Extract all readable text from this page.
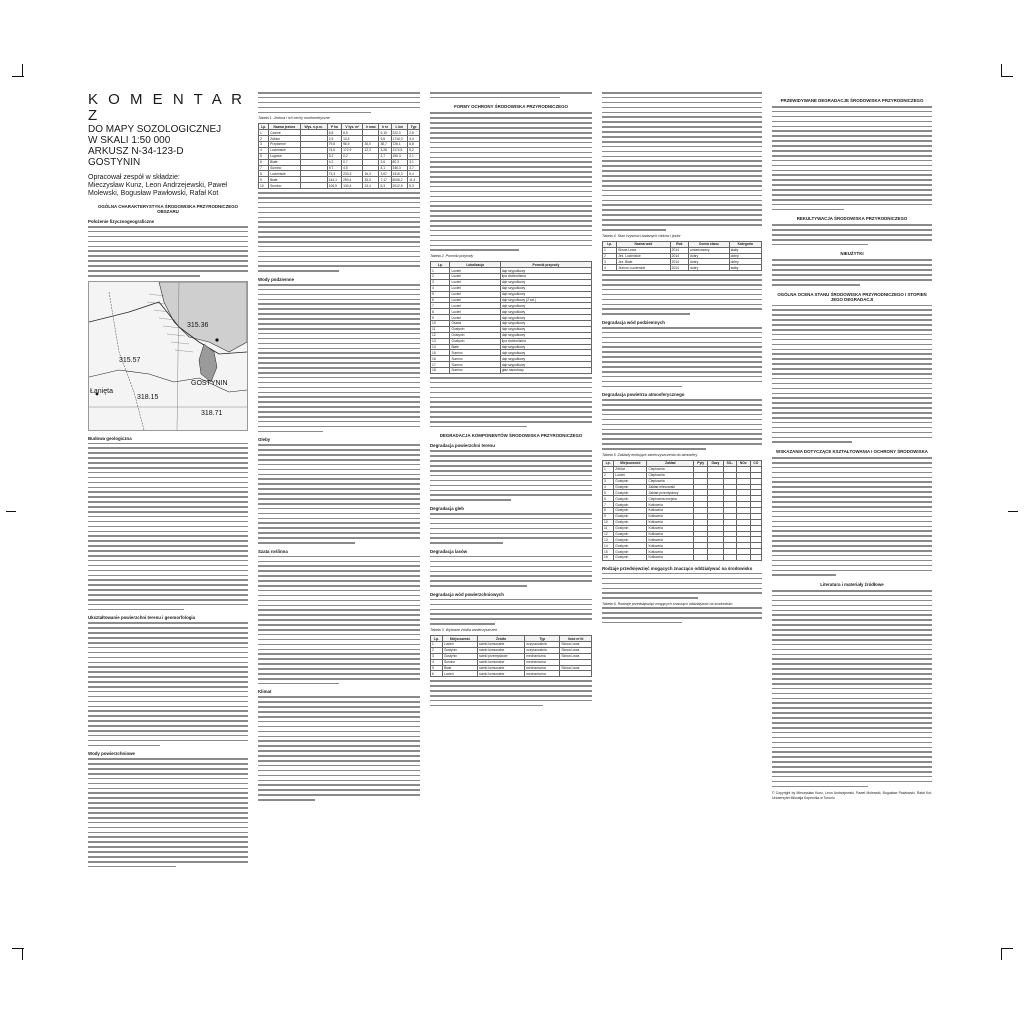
K O M E N T A R Z
DO MAPY SOZOLOGICZNEJ
W SKALI 1:50 000
ARKUSZ N-34-123-D
GOSTYNIN
Opracował zespół w składzie:
Mieczysław Kunz, Leon Andrzejewski, Paweł
Molewski, Bogusław Pawłowski, Rafał Kot
OGÓLNA CHARAKTERYSTYKA ŚRODOWISKA PRZYRODNICZEGO OBSZARU
Położenie fizycznogeograficzne
315.36
315.57
GOSTYNIN
Łanięta
318.15
318.71
Budowa geologiczna
Ukształtowanie powierzchni terenu i geomorfologia
Wody powierzchniowe
Tabela 1. Jeziora i ich cechy morfometryczne
Lp.	Nazwa jeziora	Wys. n.p.m.	P ha	V tys. m³	h max	h śr	L km	Typ
1	Czarne		6,8	6,5		5,15	222,0	2,6
2	Zdbice		2,5	13,5		9,8	1716,3	4,4
3	Przytomne		79,6	96,9	26,0	38,7	726,1	6,8
4	Lucieńskie		74,6	172,9	12,3	3,26	1174,5	6,2
5	Ługowe		3,2	0,2		2,7	150,3	2,1
6	Białe		4,2	0,7		2,6	80,3	3,1
7	Sumino		9,7	4,5		4,1	346,3	3,7
8	Lucieńskie		73,3	233,3	16,3	3,67	1516,3	6,4
9	Białe		144,1	290,4	33,3	7,17	8006,2	11,4
10	Sumino		106,9	130,4	13,4	5,3	2012,5	5,3
Wody podziemne
Gleby
Szata roślinna
Klimat
FORMY OCHRONY ŚRODOWISKA PRZYRODNICZEGO
Tabela 2. Pomniki przyrody
Lp.	Lokalizacja	Pomnik przyrody
1	Lucień	dąb szypułkowy
2	Lucień	lipa drobnolistna
3	Lucień	dąb szypułkowy
4	Lucień	dąb szypułkowy
5	Lucień	dąb szypułkowy
6	Lucień	dąb szypułkowy (2 szt.)
7	Lucień	dąb szypułkowy
8	Lucień	dąb szypułkowy
9	Lucień	dąb szypułkowy
10	Osada	dąb szypułkowy
11	Gostynin	dąb szypułkowy
12	Gostynin	dąb szypułkowy
13	Gostynin	lipa drobnolistna
14	Białe	dąb szypułkowy
15	Sumino	dąb szypułkowy
16	Sumino	dąb szypułkowy
17	Sumino	dąb szypułkowy
18	Sumino	głaz narzutowy
DEGRADACJA KOMPONENTÓW ŚRODOWISKA PRZYRODNICZEGO
Degradacja powierzchni terenu
Degradacja gleb
Degradacja lasów
Degradacja wód powierzchniowych
Tabela 3. Wybrane źródła zanieczyszczeń
Lp.	Miejscowość	Źródło	Typ	Ilość m³/d
1	Lucień	ścieki komunalne	oczyszczalnia	Skrwa Lewa
2	Gostynin	ścieki komunalne	oczyszczalnia	Skrwa Lewa
3	Gostynin	ścieki przemysłowe	mechaniczna	Skrwa Lewa
4	Sumino	ścieki komunalne	mechaniczna	
5	Białe	ścieki komunalne	mechaniczna	Skrwa Lewa
6	Lucień	ścieki komunalne	mechaniczna	
Tabela 4. Stan czystości badanych cieków i jezior
Lp.	Nazwa wód	Rok	Ocena stanu	Kategoria
1	Skrwa Lewa	2014	umiarkowany	słaby
2	Jez. Lucieńskie	2014	dobry	dobry
3	Jez. Białe	2014	dobry	dobry
4	Jezioro Lucieńskie	2014	dobry	słaby
Degradacja wód podziemnych
Degradacja powietrza atmosferycznego
Tabela 5. Zakłady emitujące zanieczyszczenia do atmosfery
Lp.	Miejscowość	Zakład	Pyły	Gazy	SO₂	NOx	CO
1	Zdbice	Ciepłownia					
2	Lucień	Ciepłownia					
3	Gostynin	Ciepłownia					
4	Gostynin	Zakład mleczarski					
5	Gostynin	Zakład przemysłowy					
6	Gostynin	Ciepłownia miejska					
7	Gostynin	Kotłownia					
8	Gostynin	Kotłownia					
9	Gostynin	Kotłownia					
10	Gostynin	Kotłownia					
11	Gostynin	Kotłownia					
12	Gostynin	Kotłownia					
13	Gostynin	Kotłownia					
14	Gostynin	Kotłownia					
15	Gostynin	Kotłownia					
16	Gostynin	Kotłownia					
Rodzaje przedsięwzięć mogących znacząco oddziaływać na środowisko
Tabela 6. Rodzaje przedsięwzięć mogących znacząco oddziaływać na środowisko
PRZEWIDYWANE DEGRADACJE ŚRODOWISKA PRZYRODNICZEGO
REKULTYWACJA ŚRODOWISKA PRZYRODNICZEGO
NIEUŻYTKI
OGÓLNA OCENA STANU ŚRODOWISKA PRZYRODNICZEGO I STOPIEŃ JEGO DEGRADACJI
WSKAZANIA DOTYCZĄCE KSZTAŁTOWANIA I OCHRONY ŚRODOWISKA
Literatura i materiały źródłowe
© Copyright by Mieczysław Kunz, Leon Andrzejewski, Paweł Molewski, Bogusław Pawłowski, Rafał Kot, Uniwersytet Mikołaja Kopernika w Toruniu
